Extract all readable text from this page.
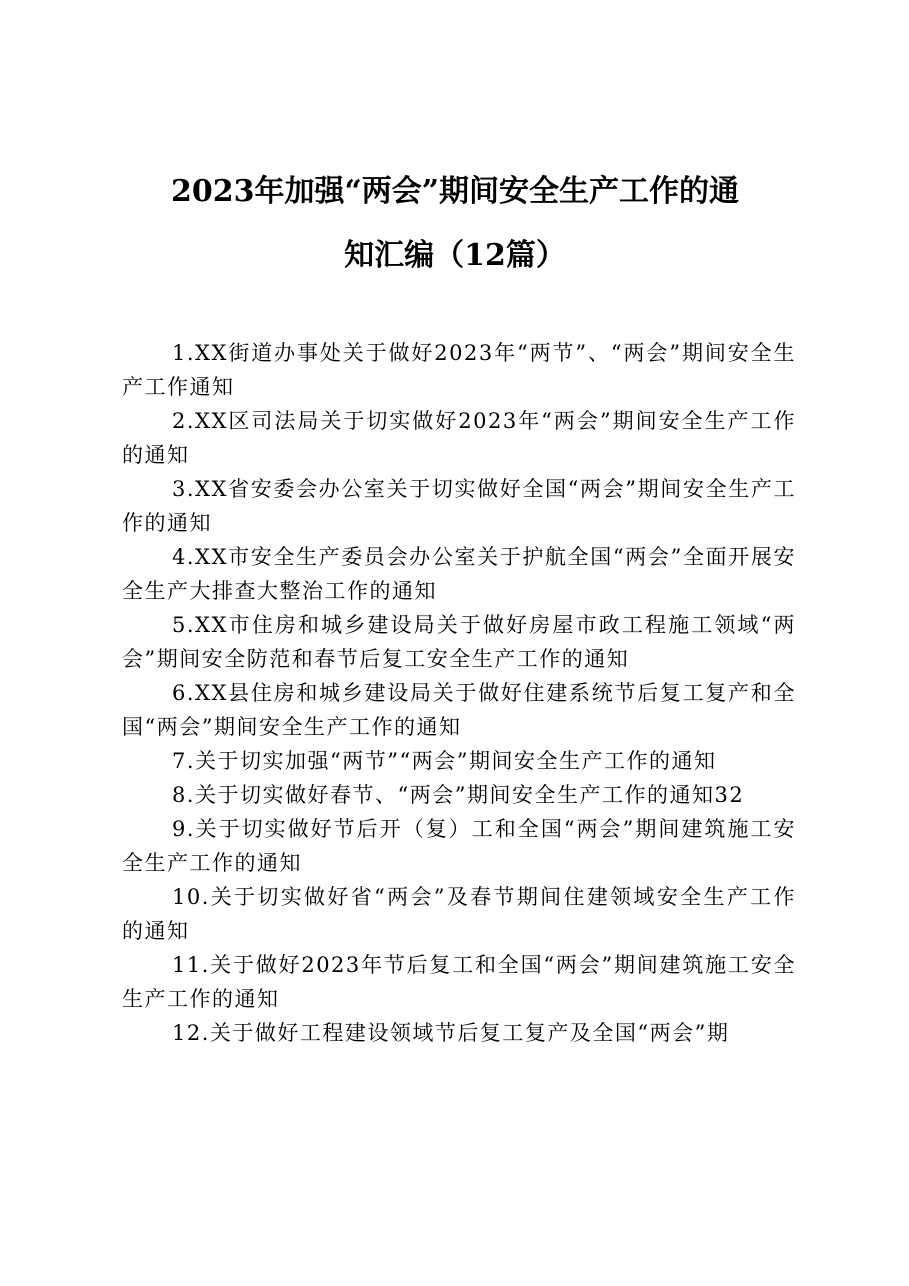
2023年加强“两会”期间安全生产工作的通
知汇编（12篇）

1.XX街道办事处关于做好2023年“两节”、“两会”期间安全生产工作通知

2.XX区司法局关于切实做好2023年“两会”期间安全生产工作的通知

3.XX省安委会办公室关于切实做好全国“两会”期间安全生产工作的通知

4.XX市安全生产委员会办公室关于护航全国“两会”全面开展安全生产大排查大整治工作的通知

5.XX市住房和城乡建设局关于做好房屋市政工程施工领域“两会”期间安全防范和春节后复工安全生产工作的通知

6.XX县住房和城乡建设局关于做好住建系统节后复工复产和全国“两会”期间安全生产工作的通知

7.关于切实加强“两节”“两会”期间安全生产工作的通知

8.关于切实做好春节、“两会”期间安全生产工作的通知32

9.关于切实做好节后开（复）工和全国“两会”期间建筑施工安全生产工作的通知

10.关于切实做好省“两会”及春节期间住建领域安全生产工作的通知

11.关于做好2023年节后复工和全国“两会”期间建筑施工安全生产工作的通知

12.关于做好工程建设领域节后复工复产及全国“两会”期
